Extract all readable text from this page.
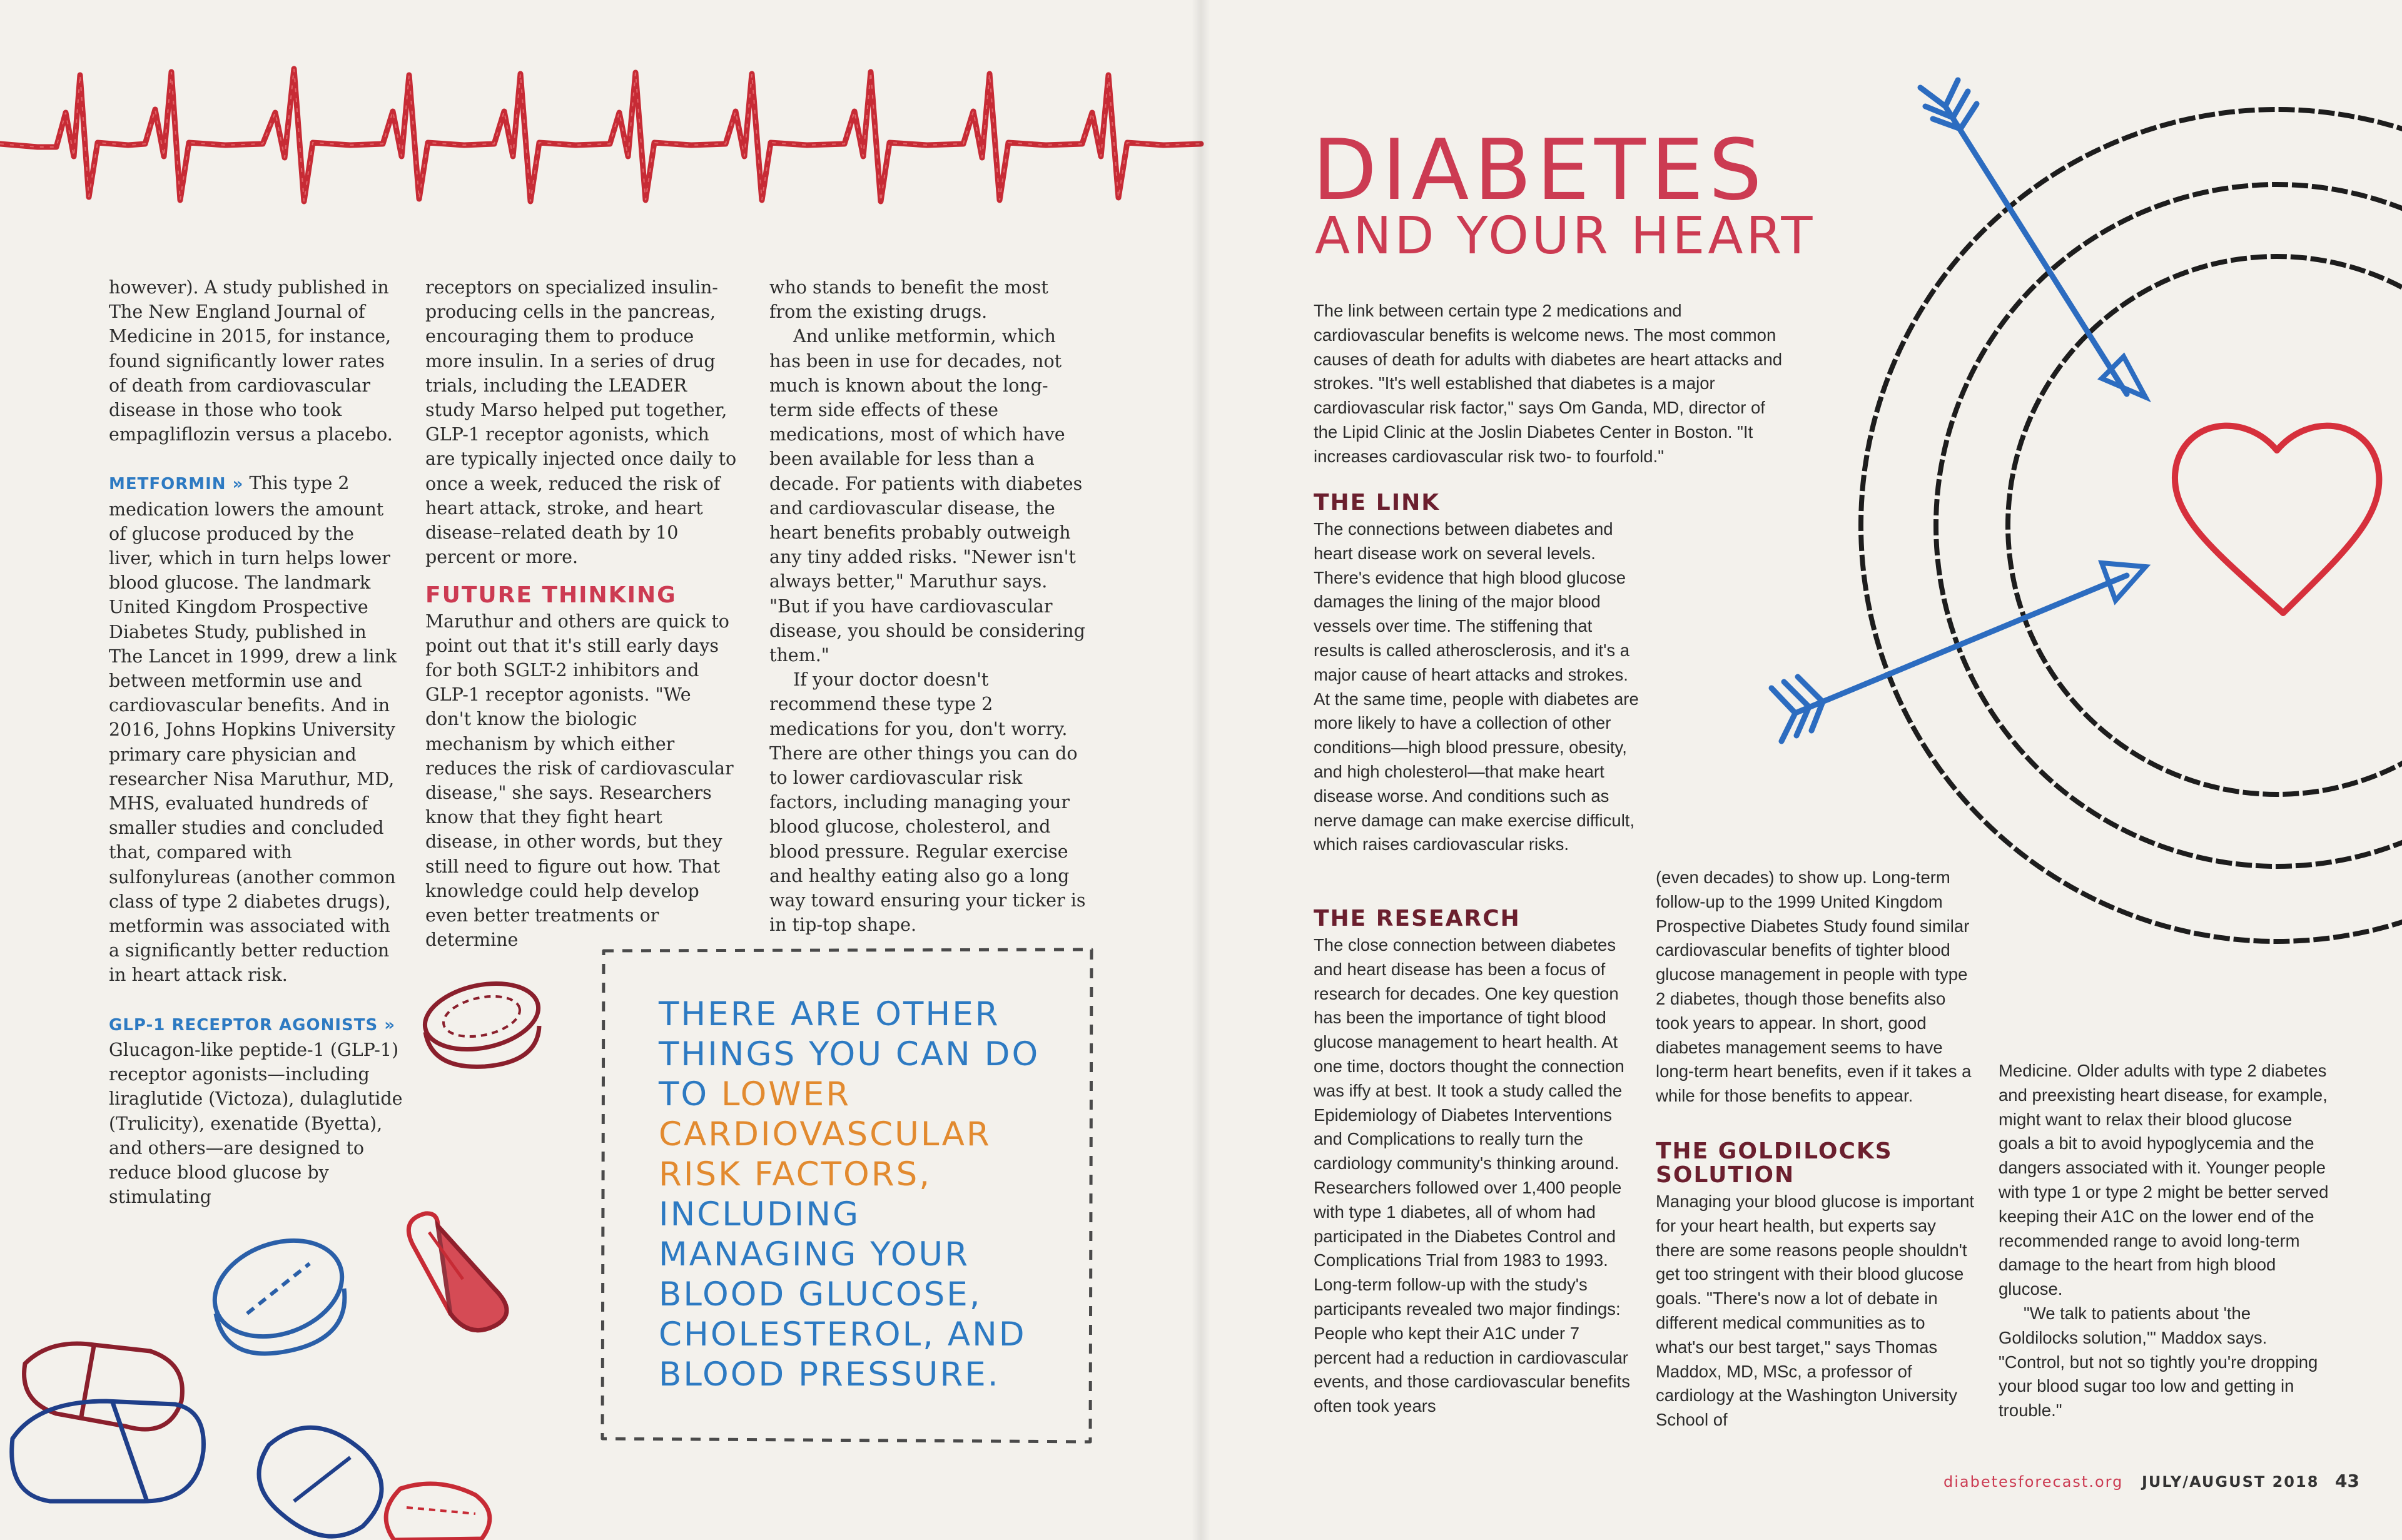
however). A study published in The New England Journal of Medicine in 2015, for instance, found significantly lower rates of death from cardiovascular disease in those who took empagliflozin versus a placebo.

METFORMIN » This type 2 medication lowers the amount of glucose produced by the liver, which in turn helps lower blood glucose. The landmark United Kingdom Prospective Diabetes Study, published in The Lancet in 1999, drew a link between metformin use and cardiovascular benefits. And in 2016, Johns Hopkins University primary care physician and researcher Nisa Maruthur, MD, MHS, evaluated hundreds of smaller studies and concluded that, compared with sulfonylureas (another common class of type 2 diabetes drugs), metformin was associated with a significantly better reduction in heart attack risk.

GLP-1 RECEPTOR AGONISTS »

Glucagon-like peptide-1 (GLP-1) receptor agonists—including liraglutide (Victoza), dulaglutide (Trulicity), exenatide (Byetta), and others—are designed to reduce blood glucose by stimulating

receptors on specialized insulin-producing cells in the pancreas, encouraging them to produce more insulin. In a series of drug trials, including the LEADER study Marso helped put together, GLP-1 receptor agonists, which are typically injected once daily to once a week, reduced the risk of heart attack, stroke, and heart disease–related death by 10 percent or more.

FUTURE THINKING

Maruthur and others are quick to point out that it's still early days for both SGLT-2 inhibitors and GLP-1 receptor agonists. "We don't know the biologic mechanism by which either reduces the risk of cardiovascular disease," she says. Researchers know that they fight heart disease, in other words, but they still need to figure out how. That knowledge could help develop even better treatments or determine

who stands to benefit the most from the existing drugs.

And unlike metformin, which has been in use for decades, not much is known about the long-term side effects of these medications, most of which have been available for less than a decade. For patients with diabetes and cardiovascular disease, the heart benefits probably outweigh any tiny added risks. "Newer isn't always better," Maruthur says. "But if you have cardiovascular disease, you should be considering them."

If your doctor doesn't recommend these type 2 medications for you, don't worry. There are other things you can do to lower cardiovascular risk factors, including managing your blood glucose, cholesterol, and blood pressure. Regular exercise and healthy eating also go a long way toward ensuring your ticker is in tip-top shape.

THERE ARE OTHER THINGS YOU CAN DO TO LOWER CARDIOVASCULAR RISK FACTORS, INCLUDING MANAGING YOUR BLOOD GLUCOSE, CHOLESTEROL, AND BLOOD PRESSURE.
DIABETES
AND YOUR HEART

The link between certain type 2 medications and cardiovascular benefits is welcome news. The most common causes of death for adults with diabetes are heart attacks and strokes. "It's well established that diabetes is a major cardiovascular risk factor," says Om Ganda, MD, director of the Lipid Clinic at the Joslin Diabetes Center in Boston. "It increases cardiovascular risk two- to fourfold."

THE LINK

The connections between diabetes and heart disease work on several levels. There's evidence that high blood glucose damages the lining of the major blood vessels over time. The stiffening that results is called atherosclerosis, and it's a major cause of heart attacks and strokes. At the same time, people with diabetes are more likely to have a collection of other conditions—high blood pressure, obesity, and high cholesterol—that make heart disease worse. And conditions such as nerve damage can make exercise difficult, which raises cardiovascular risks.

THE RESEARCH

The close connection between diabetes and heart disease has been a focus of research for decades. One key question has been the importance of tight blood glucose management to heart health. At one time, doctors thought the connection was iffy at best. It took a study called the Epidemiology of Diabetes Interventions and Complications to really turn the cardiology community's thinking around. Researchers followed over 1,400 people with type 1 diabetes, all of whom had participated in the Diabetes Control and Complications Trial from 1983 to 1993. Long-term follow-up with the study's participants revealed two major findings: People who kept their A1C under 7 percent had a reduction in cardiovascular events, and those cardiovascular benefits often took years

(even decades) to show up. Long-term follow-up to the 1999 United Kingdom Prospective Diabetes Study found similar cardiovascular benefits of tighter blood glucose management in people with type 2 diabetes, though those benefits also took years to appear. In short, good diabetes management seems to have long-term heart benefits, even if it takes a while for those benefits to appear.

THE GOLDILOCKS SOLUTION

Managing your blood glucose is important for your heart health, but experts say there are some reasons people shouldn't get too stringent with their blood glucose goals. "There's now a lot of debate in different medical communities as to what's our best target," says Thomas Maddox, MD, MSc, a professor of cardiology at the Washington University School of

Medicine. Older adults with type 2 diabetes and preexisting heart disease, for example, might want to relax their blood glucose goals a bit to avoid hypoglycemia and the dangers associated with it. Younger people with type 1 or type 2 might be better served keeping their A1C on the lower end of the recommended range to avoid long-term damage to the heart from high blood glucose.

"We talk to patients about 'the Goldilocks solution,'" Maddox says. "Control, but not so tightly you're dropping your blood sugar too low and getting in trouble."

diabetesforecast.org JULY/AUGUST 2018 43
